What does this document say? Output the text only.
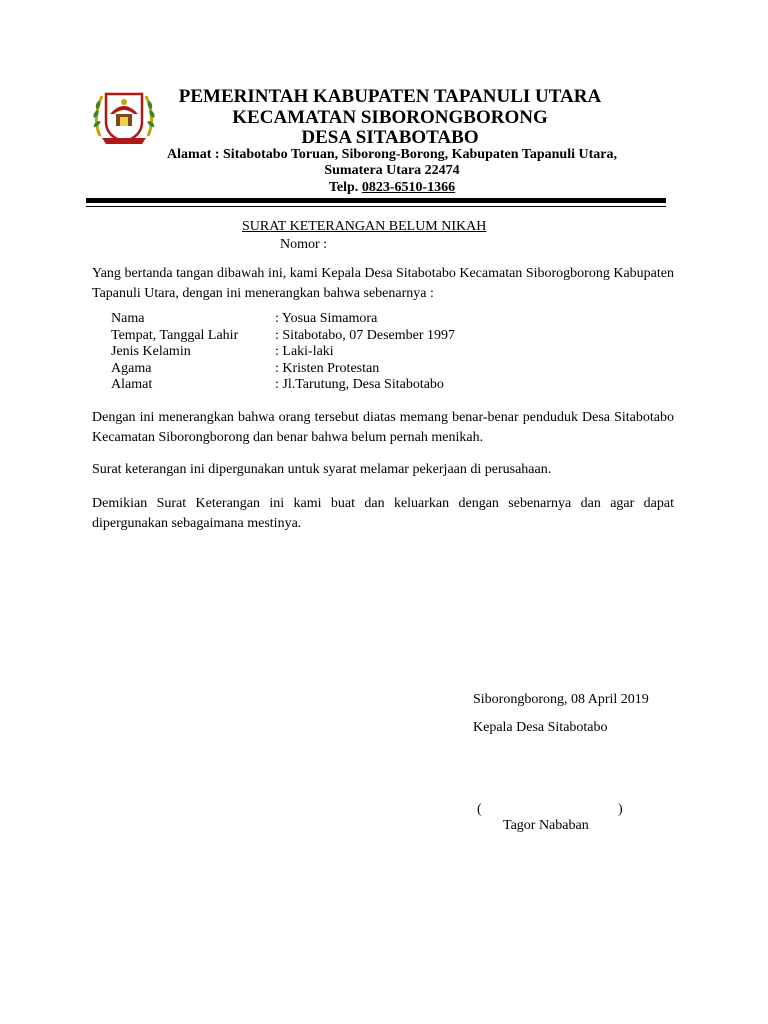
PEMERINTAH KABUPATEN TAPANULI UTARA
KECAMATAN SIBORONGBORONG
DESA SITABOTABO
Alamat : Sitabotabo Toruan, Siborong-Borong, Kabupaten Tapanuli Utara,
Sumatera Utara 22474
Telp. 0823-6510-1366
SURAT KETERANGAN BELUM NIKAH
Nomor :
Yang bertanda tangan dibawah ini, kami Kepala Desa Sitabotabo Kecamatan Siborogborong Kabupaten Tapanuli Utara, dengan ini menerangkan bahwa sebenarnya :
Nama	: Yosua Simamora
Tempat, Tanggal Lahir	: Sitabotabo, 07 Desember 1997
Jenis Kelamin	: Laki-laki
Agama	: Kristen Protestan
Alamat	: Jl.Tarutung, Desa Sitabotabo
Dengan ini menerangkan bahwa orang tersebut diatas memang benar-benar penduduk Desa Sitabotabo Kecamatan Siborongborong dan benar bahwa belum pernah menikah.
Surat keterangan ini dipergunakan untuk syarat melamar pekerjaan di perusahaan.
Demikian Surat Keterangan ini kami buat dan keluarkan dengan sebenarnya dan agar dapat dipergunakan sebagaimana mestinya.
Siborongborong, 08 April 2019
Kepala Desa Sitabotabo
(	)
Tagor Nababan
